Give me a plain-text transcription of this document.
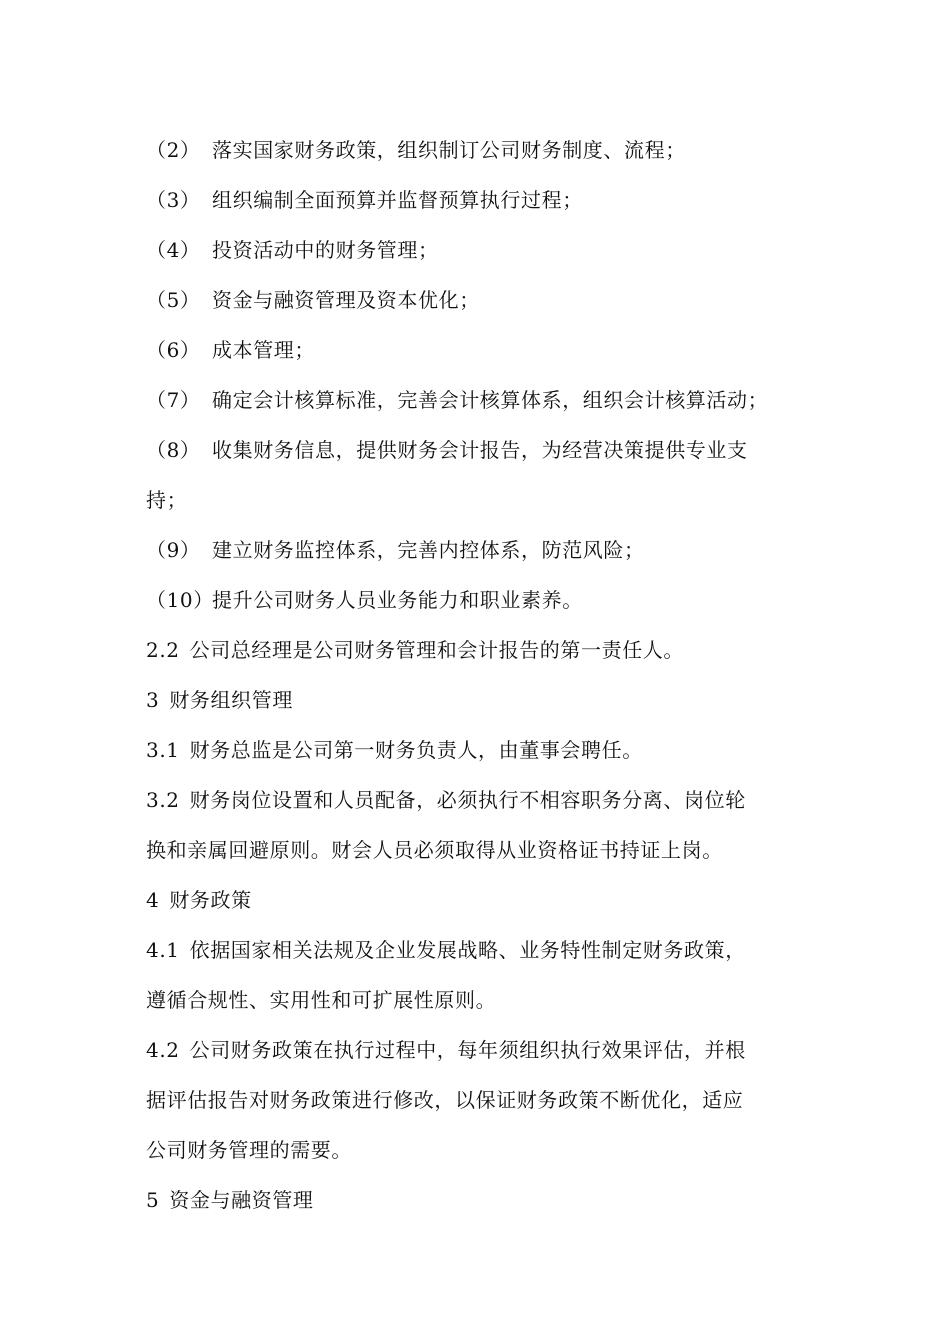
（2） 落实国家财务政策，组织制订公司财务制度、流程；
（3） 组织编制全面预算并监督预算执行过程；
（4） 投资活动中的财务管理；
（5） 资金与融资管理及资本优化；
（6） 成本管理；
（7） 确定会计核算标准，完善会计核算体系，组织会计核算活动；
（8） 收集财务信息，提供财务会计报告，为经营决策提供专业支
持；
（9） 建立财务监控体系，完善内控体系，防范风险；
（10）提升公司财务人员业务能力和职业素养。
2.2 公司总经理是公司财务管理和会计报告的第一责任人。
3 财务组织管理
3.1 财务总监是公司第一财务负责人，由董事会聘任。
3.2 财务岗位设置和人员配备，必须执行不相容职务分离、岗位轮
换和亲属回避原则。财会人员必须取得从业资格证书持证上岗。
4 财务政策
4.1 依据国家相关法规及企业发展战略、业务特性制定财务政策，
遵循合规性、实用性和可扩展性原则。
4.2 公司财务政策在执行过程中，每年须组织执行效果评估，并根
据评估报告对财务政策进行修改，以保证财务政策不断优化，适应
公司财务管理的需要。
5 资金与融资管理
